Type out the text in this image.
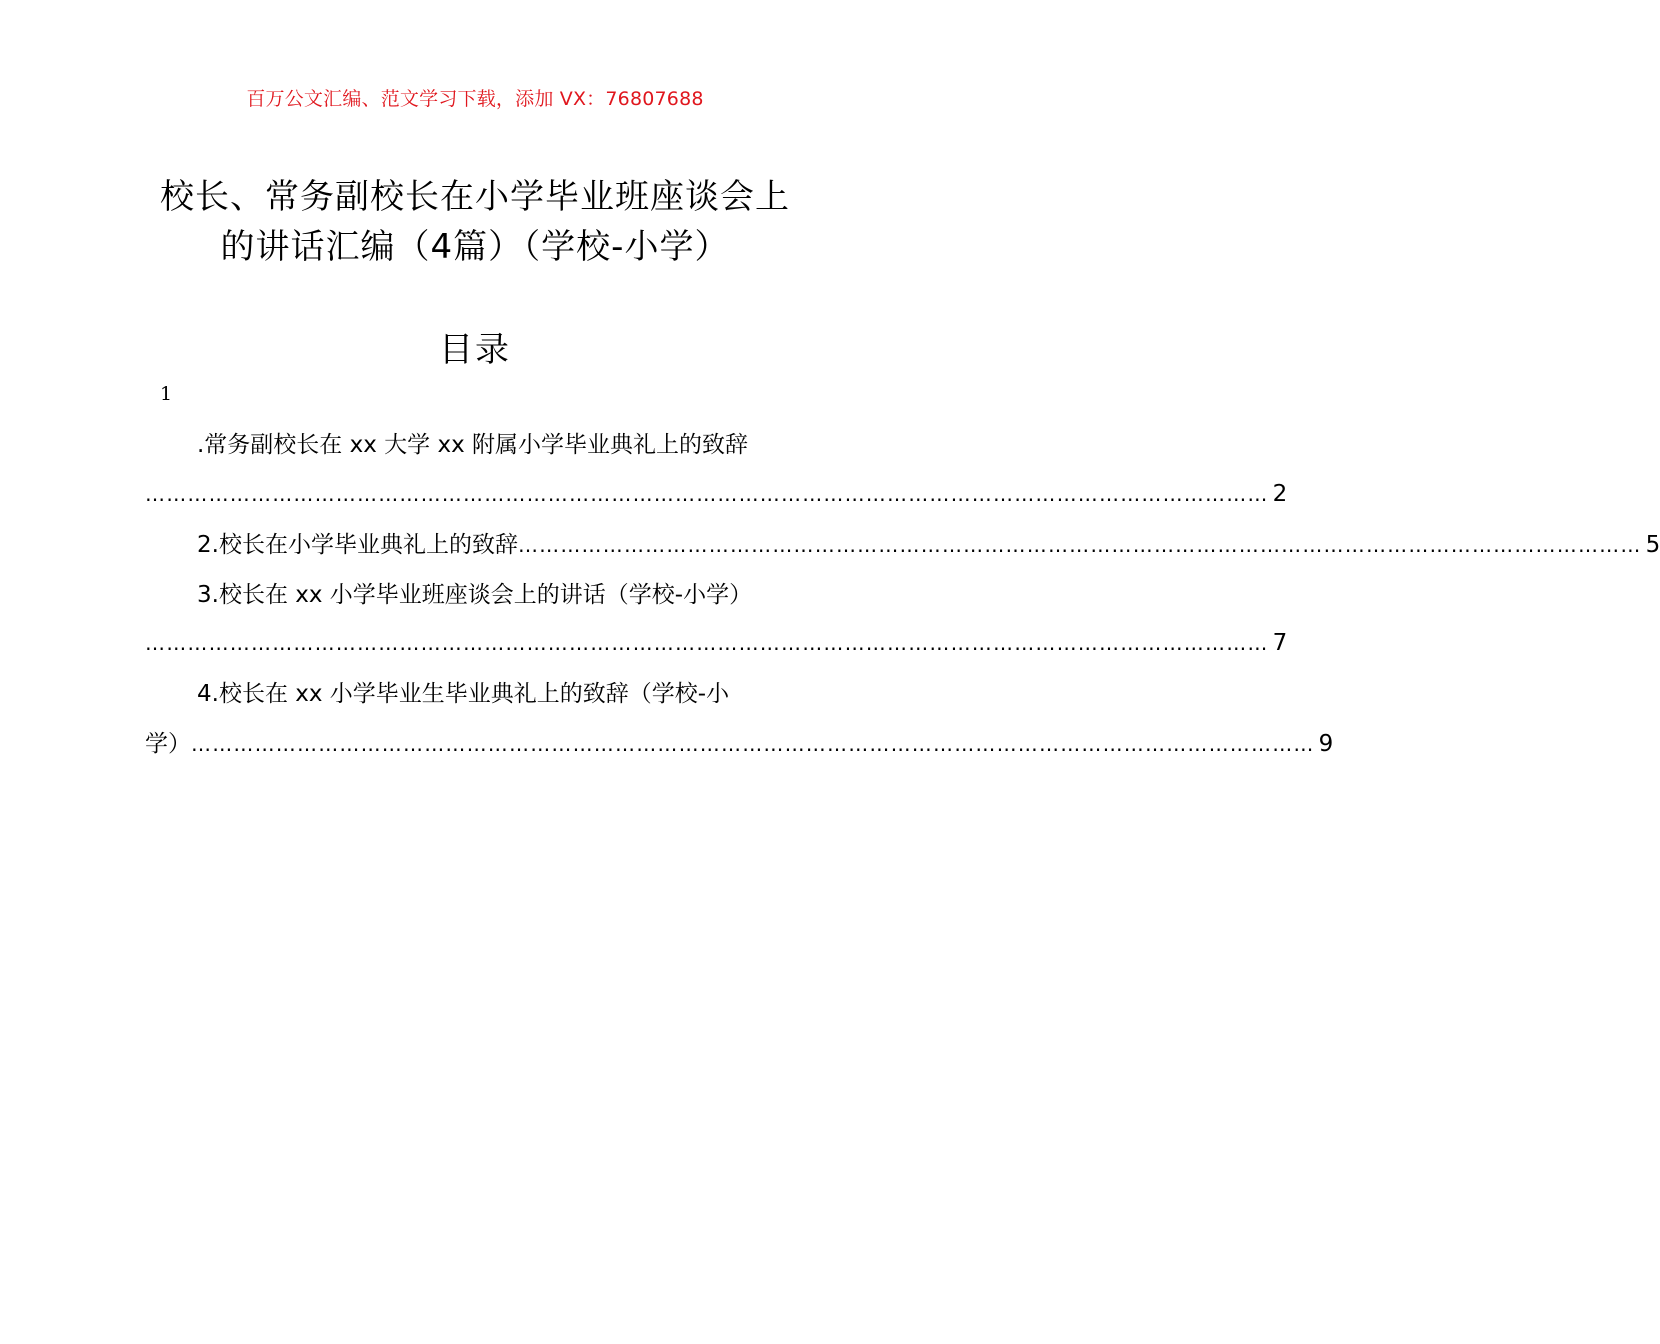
百万公文汇编、范文学习下载，添加 VX：76807688
校长、常务副校长在小学毕业班座谈会上
的讲话汇编（4篇）（学校-小学）
目录
1
.常务副校长在 xx 大学 xx 附属小学毕业典礼上的致辞
…………………………………………………………………………………………………………………………………………… 2
2.校长在小学毕业典礼上的致辞 …………………………………………………………………………………………………………………………………………… 5
3.校长在 xx 小学毕业班座谈会上的讲话（学校-小学）
…………………………………………………………………………………………………………………………………………… 7
4.校长在 xx 小学毕业生毕业典礼上的致辞（学校-小
学） …………………………………………………………………………………………………………………………………………… 9
